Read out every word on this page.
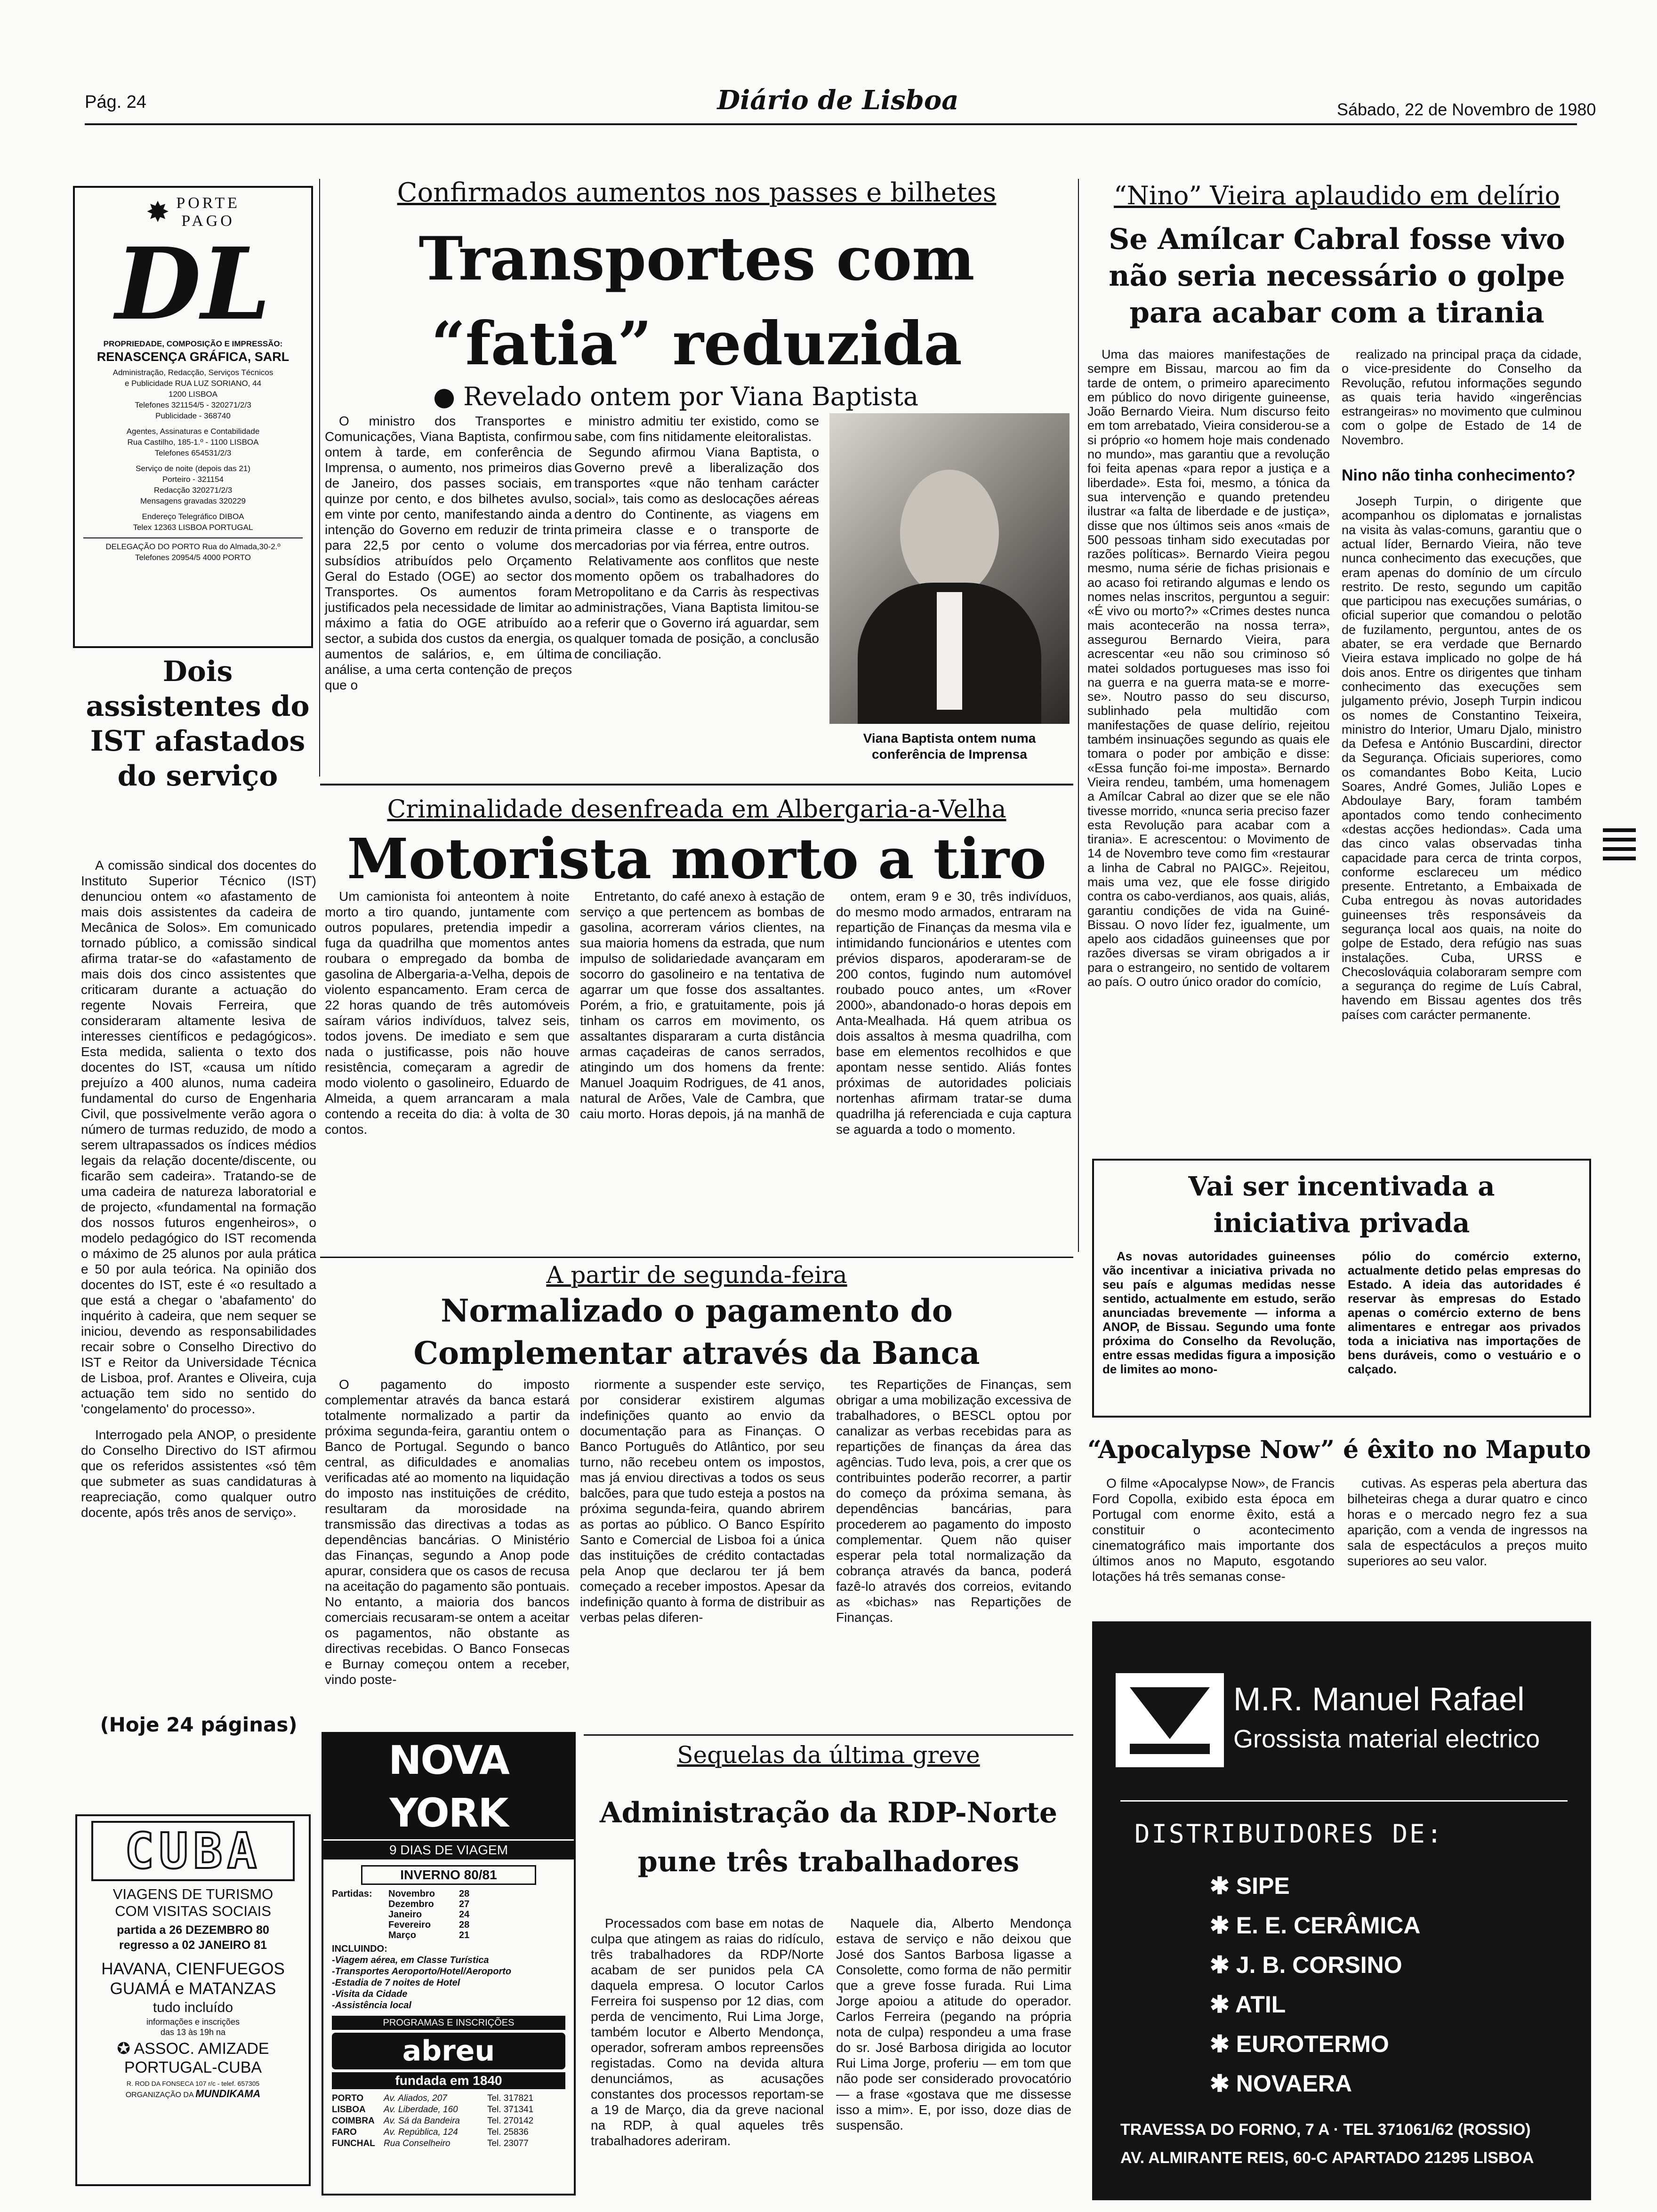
Pág. 24	Diário de Lisboa	Sábado, 22 de Novembro de 1980
✸ PORTE
PAGO
DL
PROPRIEDADE, COMPOSIÇÃO E IMPRESSÃO:
RENASCENÇA GRÁFICA, SARL
Administração, Redacção, Serviços Técnicos
e Publicidade RUA LUZ SORIANO, 44
1200 LISBOA
Telefones 321154/5 - 320271/2/3
Publicidade - 368740
Agentes, Assinaturas e Contabilidade
Rua Castilho, 185-1.º - 1100 LISBOA
Telefones 654531/2/3
Serviço de noite (depois das 21)
Porteiro - 321154
Redacção 320271/2/3
Mensagens gravadas 320229
Endereço Telegráfico DIBOA
Telex 12363 LISBOA PORTUGAL
DELEGAÇÃO DO PORTO Rua do Almada,30-2.º
Telefones 20954/5 4000 PORTO
Dois assistentes do IST afastados do serviço

A comissão sindical dos docentes do Instituto Superior Técnico (IST) denunciou ontem «o afastamento de mais dois assistentes da cadeira de Mecânica de Solos». Em comunicado tornado público, a comissão sindical afirma tratar-se do «afastamento de mais dois dos cinco assistentes que criticaram durante a actuação do regente Novais Ferreira, que consideraram altamente lesiva de interesses científicos e pedagógicos». Esta medida, salienta o texto dos docentes do IST, «causa um nítido prejuízo a 400 alunos, numa cadeira fundamental do curso de Engenharia Civil, que possivelmente verão agora o número de turmas reduzido, de modo a serem ultrapassados os índices médios legais da relação docente/discente, ou ficarão sem cadeira». Tratando-se de uma cadeira de natureza laboratorial e de projecto, «fundamental na formação dos nossos futuros engenheiros», o modelo pedagógico do IST recomenda o máximo de 25 alunos por aula prática e 50 por aula teórica. Na opinião dos docentes do IST, este é «o resultado a que está a chegar o 'abafamento' do inquérito à cadeira, que nem sequer se iniciou, devendo as responsabilidades recair sobre o Conselho Directivo do IST e Reitor da Universidade Técnica de Lisboa, prof. Arantes e Oliveira, cuja actuação tem sido no sentido do 'congelamento' do processo».

Interrogado pela ANOP, o presidente do Conselho Directivo do IST afirmou que os referidos assistentes «só têm que submeter as suas candidaturas à reapreciação, como qualquer outro docente, após três anos de serviço».

(Hoje 24 páginas)
CUBA
VIAGENS DE TURISMO
COM VISITAS SOCIAIS
partida a 26 DEZEMBRO 80
regresso a 02 JANEIRO 81
HAVANA, CIENFUEGOS
GUAMÁ e MATANZAS
tudo incluído
informações e inscrições
das 13 às 19h na
✪ ASSOC. AMIZADE
PORTUGAL-CUBA
R. ROD DA FONSECA 107 r/c - telef. 657305
ORGANIZAÇÃO DA MUNDIKAMA
Confirmados aumentos nos passes e bilhetes
Transportes com “fatia” reduzida
● Revelado ontem por Viana Baptista

O ministro dos Transportes e Comunicações, Viana Baptista, confirmou ontem à tarde, em conferência de Imprensa, o aumento, nos primeiros dias de Janeiro, dos passes sociais, em quinze por cento, e dos bilhetes avulso, em vinte por cento, manifestando ainda a intenção do Governo em reduzir de trinta para 22,5 por cento o volume dos subsídios atribuídos pelo Orçamento Geral do Estado (OGE) ao sector dos Transportes. Os aumentos foram justificados pela necessidade de limitar ao máximo a fatia do OGE atribuído ao sector, a subida dos custos da energia, os aumentos de salários, e, em última análise, a uma certa contenção de preços que o

ministro admitiu ter existido, como se sabe, com fins nitidamente eleitoralistas.

Segundo afirmou Viana Baptista, o Governo prevê a liberalização dos transportes «que não tenham carácter social», tais como as deslocações aéreas dentro do Continente, as viagens em primeira classe e o transporte de mercadorias por via férrea, entre outros.

Relativamente aos conflitos que neste momento opõem os trabalhadores do Metropolitano e da Carris às respectivas administrações, Viana Baptista limitou-se a referir que o Governo irá aguardar, sem qualquer tomada de posição, a conclusão de conciliação.

Viana Baptista ontem numa conferência de Imprensa
“Nino” Vieira aplaudido em delírio
Se Amílcar Cabral fosse vivo não seria necessário o golpe para acabar com a tirania

Uma das maiores manifestações de sempre em Bissau, marcou ao fim da tarde de ontem, o primeiro aparecimento em público do novo dirigente guineense, João Bernardo Vieira. Num discurso feito em tom arrebatado, Vieira considerou-se a si próprio «o homem hoje mais condenado no mundo», mas garantiu que a revolução foi feita apenas «para repor a justiça e a liberdade». Esta foi, mesmo, a tónica da sua intervenção e quando pretendeu ilustrar «a falta de liberdade e de justiça», disse que nos últimos seis anos «mais de 500 pessoas tinham sido executadas por razões políticas». Bernardo Vieira pegou mesmo, numa série de fichas prisionais e ao acaso foi retirando algumas e lendo os nomes nelas inscritos, perguntou a seguir: «É vivo ou morto?» «Crimes destes nunca mais acontecerão na nossa terra», assegurou Bernardo Vieira, para acrescentar «eu não sou criminoso só matei soldados portugueses mas isso foi na guerra e na guerra mata-se e morre-se». Noutro passo do seu discurso, sublinhado pela multidão com manifestações de quase delírio, rejeitou também insinuações segundo as quais ele tomara o poder por ambição e disse: «Essa função foi-me imposta». Bernardo Vieira rendeu, também, uma homenagem a Amílcar Cabral ao dizer que se ele não tivesse morrido, «nunca seria preciso fazer esta Revolução para acabar com a tirania». E acrescentou: o Movimento de 14 de Novembro teve como fim «restaurar a linha de Cabral no PAIGC». Rejeitou, mais uma vez, que ele fosse dirigido contra os cabo-verdianos, aos quais, aliás, garantiu condições de vida na Guiné-Bissau. O novo líder fez, igualmente, um apelo aos cidadãos guineenses que por razões diversas se viram obrigados a ir para o estrangeiro, no sentido de voltarem ao país. O outro único orador do comício,

realizado na principal praça da cidade, o vice-presidente do Conselho da Revolução, refutou informações segundo as quais teria havido «ingerências estrangeiras» no movimento que culminou com o golpe de Estado de 14 de Novembro.

Nino não tinha conhecimento?

Joseph Turpin, o dirigente que acompanhou os diplomatas e jornalistas na visita às valas-comuns, garantiu que o actual líder, Bernardo Vieira, não teve nunca conhecimento das execuções, que eram apenas do domínio de um círculo restrito. De resto, segundo um capitão que participou nas execuções sumárias, o oficial superior que comandou o pelotão de fuzilamento, perguntou, antes de os abater, se era verdade que Bernardo Vieira estava implicado no golpe de há dois anos. Entre os dirigentes que tinham conhecimento das execuções sem julgamento prévio, Joseph Turpin indicou os nomes de Constantino Teixeira, ministro do Interior, Umaru Djalo, ministro da Defesa e António Buscardini, director da Segurança. Oficiais superiores, como os comandantes Bobo Keita, Lucio Soares, André Gomes, Julião Lopes e Abdoulaye Bary, foram também apontados como tendo conhecimento «destas acções hediondas». Cada uma das cinco valas observadas tinha capacidade para cerca de trinta corpos, conforme esclareceu um médico presente. Entretanto, a Embaixada de Cuba entregou às novas autoridades guineenses três responsáveis da segurança local aos quais, na noite do golpe de Estado, dera refúgio nas suas instalações. Cuba, URSS e Checoslováquia colaboraram sempre com a segurança do regime de Luís Cabral, havendo em Bissau agentes dos três países com carácter permanente.

Criminalidade desenfreada em Albergaria-a-Velha
Motorista morto a tiro

Um camionista foi anteontem à noite morto a tiro quando, juntamente com outros populares, pretendia impedir a fuga da quadrilha que momentos antes roubara o empregado da bomba de gasolina de Albergaria-a-Velha, depois de violento espancamento. Eram cerca de 22 horas quando de três automóveis saíram vários indivíduos, talvez seis, todos jovens. De imediato e sem que nada o justificasse, pois não houve resistência, começaram a agredir de modo violento o gasolineiro, Eduardo de Almeida, a quem arrancaram a mala contendo a receita do dia: à volta de 30 contos.

Entretanto, do café anexo à estação de serviço a que pertencem as bombas de gasolina, acorreram vários clientes, na sua maioria homens da estrada, que num impulso de solidariedade avançaram em socorro do gasolineiro e na tentativa de agarrar um que fosse dos assaltantes. Porém, a frio, e gratuitamente, pois já tinham os carros em movimento, os assaltantes dispararam a curta distância armas caçadeiras de canos serrados, atingindo um dos homens da frente: Manuel Joaquim Rodrigues, de 41 anos, natural de Arões, Vale de Cambra, que caiu morto. Horas depois, já na manhã de

ontem, eram 9 e 30, três indivíduos, do mesmo modo armados, entraram na repartição de Finanças da mesma vila e intimidando funcionários e utentes com prévios disparos, apoderaram-se de 200 contos, fugindo num automóvel roubado pouco antes, um «Rover 2000», abandonado-o horas depois em Anta-Mealhada. Há quem atribua os dois assaltos à mesma quadrilha, com base em elementos recolhidos e que apontam nesse sentido. Aliás fontes próximas de autoridades policiais nortenhas afirmam tratar-se duma quadrilha já referenciada e cuja captura se aguarda a todo o momento.

A partir de segunda-feira
Normalizado o pagamento do Complementar através da Banca

O pagamento do imposto complementar através da banca estará totalmente normalizado a partir da próxima segunda-feira, garantiu ontem o Banco de Portugal. Segundo o banco central, as dificuldades e anomalias verificadas até ao momento na liquidação do imposto nas instituições de crédito, resultaram da morosidade na transmissão das directivas a todas as dependências bancárias. O Ministério das Finanças, segundo a Anop pode apurar, considera que os casos de recusa na aceitação do pagamento são pontuais. No entanto, a maioria dos bancos comerciais recusaram-se ontem a aceitar os pagamentos, não obstante as directivas recebidas. O Banco Fonsecas e Burnay começou ontem a receber, vindo poste-

riormente a suspender este serviço, por considerar existirem algumas indefinições quanto ao envio da documentação para as Finanças. O Banco Português do Atlântico, por seu turno, não recebeu ontem os impostos, mas já enviou directivas a todos os seus balcões, para que tudo esteja a postos na próxima segunda-feira, quando abrirem as portas ao público. O Banco Espírito Santo e Comercial de Lisboa foi a única das instituições de crédito contactadas pela Anop que declarou ter já bem começado a receber impostos. Apesar da indefinição quanto à forma de distribuir as verbas pelas diferen-

tes Repartições de Finanças, sem obrigar a uma mobilização excessiva de trabalhadores, o BESCL optou por canalizar as verbas recebidas para as repartições de finanças da área das agências. Tudo leva, pois, a crer que os contribuintes poderão recorrer, a partir do começo da próxima semana, às dependências bancárias, para procederem ao pagamento do imposto complementar. Quem não quiser esperar pela total normalização da cobrança através da banca, poderá fazê-lo através dos correios, evitando as «bichas» nas Repartições de Finanças.

Vai ser incentivada a iniciativa privada

As novas autoridades guineenses vão incentivar a iniciativa privada no seu país e algumas medidas nesse sentido, actualmente em estudo, serão anunciadas brevemente — informa a ANOP, de Bissau. Segundo uma fonte próxima do Conselho da Revolução, entre essas medidas figura a imposição de limites ao mono-

pólio do comércio externo, actualmente detido pelas empresas do Estado. A ideia das autoridades é reservar às empresas do Estado apenas o comércio externo de bens alimentares e entregar aos privados toda a iniciativa nas importações de bens duráveis, como o vestuário e o calçado.

“Apocalypse Now” é êxito no Maputo

O filme «Apocalypse Now», de Francis Ford Copolla, exibido esta época em Portugal com enorme êxito, está a constituir o acontecimento cinematográfico mais importante dos últimos anos no Maputo, esgotando lotações há três semanas conse-

cutivas. As esperas pela abertura das bilheteiras chega a durar quatro e cinco horas e o mercado negro fez a sua aparição, com a venda de ingressos na sala de espectáculos a preços muito superiores ao seu valor.

NOVA YORK
9 DIAS DE VIAGEM
INVERNO 80/81
Partidas:	Novembro	28
Dezembro	27
Janeiro	24
Fevereiro	28
Março	21
INCLUINDO:
-Viagem aérea, em Classe Turística
-Transportes Aeroporto/Hotel/Aeroporto
-Estadia de 7 noites de Hotel
-Visita da Cidade
-Assistência local
PROGRAMAS E INSCRIÇÕES
abreu
fundada em 1840
PORTO	Av. Aliados, 207	Tel. 317821
LISBOA	Av. Liberdade, 160	Tel. 371341
COIMBRA	Av. Sá da Bandeira	Tel. 270142
FARO	Av. República, 124	Tel. 25836
FUNCHAL Rua Conselheiro	Tel. 23077
Sequelas da última greve
Administração da RDP-Norte pune três trabalhadores

Processados com base em notas de culpa que atingem as raias do ridículo, três trabalhadores da RDP/Norte acabam de ser punidos pela CA daquela empresa. O locutor Carlos Ferreira foi suspenso por 12 dias, com perda de vencimento, Rui Lima Jorge, também locutor e Alberto Mendonça, operador, sofreram ambos repreensões registadas. Como na devida altura denunciámos, as acusações constantes dos processos reportam-se a 19 de Março, dia da greve nacional na RDP, à qual aqueles três trabalhadores aderiram.

Naquele dia, Alberto Mendonça estava de serviço e não deixou que José dos Santos Barbosa ligasse a Consolette, como forma de não permitir que a greve fosse furada. Rui Lima Jorge apoiou a atitude do operador. Carlos Ferreira (pegando na própria nota de culpa) respondeu a uma frase do sr. José Barbosa dirigida ao locutor Rui Lima Jorge, proferiu — em tom que não pode ser considerado provocatório — a frase «gostava que me dissesse isso a mim». E, por isso, doze dias de suspensão.

M.R. Manuel Rafael
Grossista material electrico
DISTRIBUIDORES DE:
✱ SIPE
✱ E. E. CERÂMICA
✱ J. B. CORSINO
✱ ATIL
✱ EUROTERMO
✱ NOVAERA
TRAVESSA DO FORNO, 7 A · TEL 371061/62 (ROSSIO)
AV. ALMIRANTE REIS, 60-C APARTADO 21295 LISBOA
